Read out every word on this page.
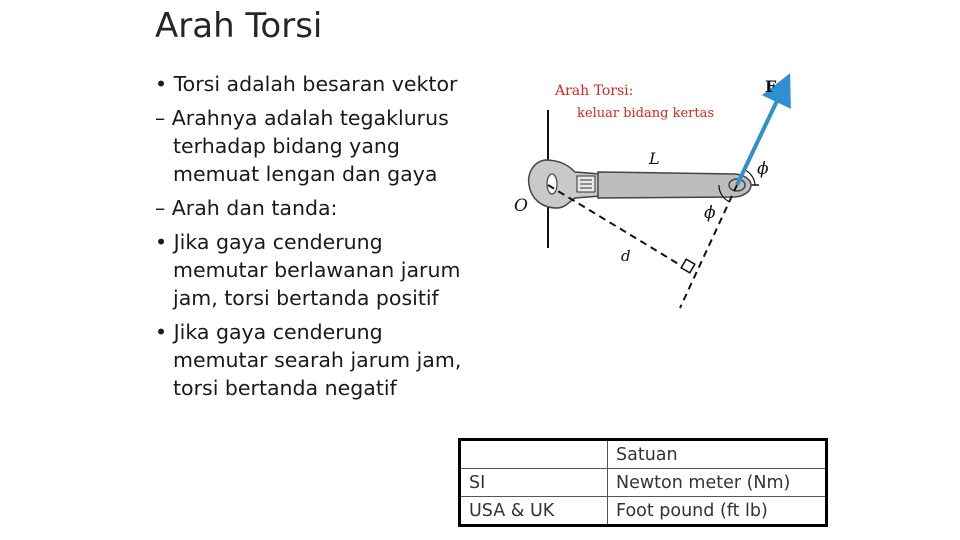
Arah Torsi
• Torsi adalah besaran vektor
– Arahnya adalah tegaklurus
terhadap bidang yang
memuat lengan dan gaya
– Arah dan tanda:
• Jika gaya cenderung
memutar berlawanan jarum
jam, torsi bertanda positif
• Jika gaya cenderung
memutar searah jarum jam,
torsi bertanda negatif
Arah Torsi:
keluar bidang kertas
F
L
O
d
ϕ
ϕ
	Satuan
SI	Newton meter (Nm)
USA & UK	Foot pound (ft lb)
